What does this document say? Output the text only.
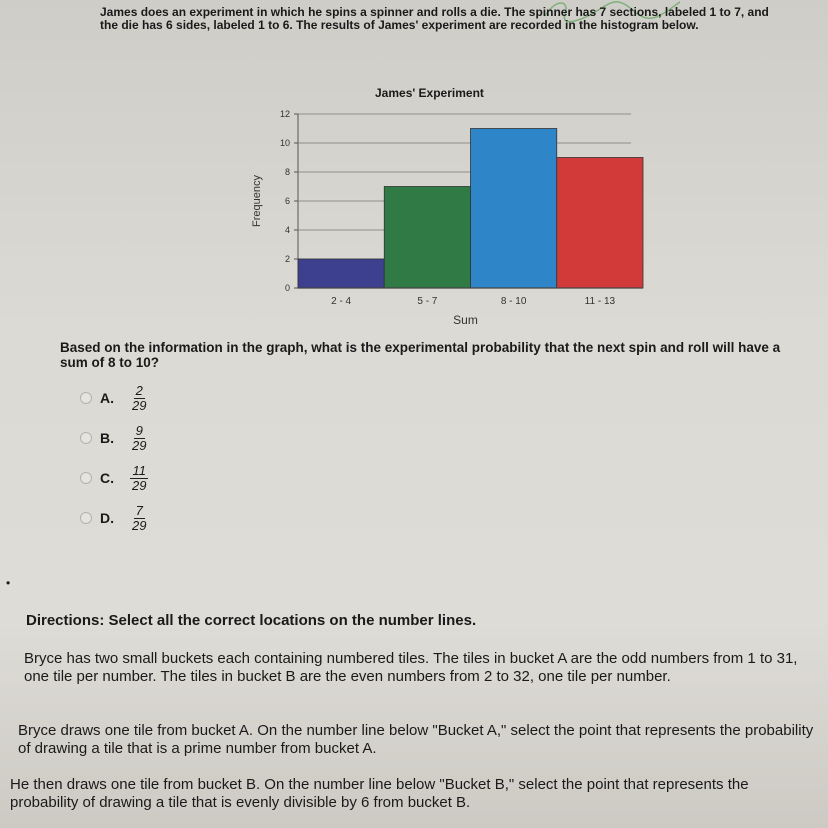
James does an experiment in which he spins a spinner and rolls a die. The spinner has 7 sections, labeled 1 to 7, and the die has 6 sides, labeled 1 to 6. The results of James' experiment are recorded in the histogram below.
James' Experiment
0
2
4
6
8
10
12
2 - 4	5 - 7	8 - 10	11 - 13
Sum
Frequency
Based on the information in the graph, what is the experimental probability that the next spin and roll will have a sum of 8 to 10?
A.	$\frac{2}{29}$
B.	$\frac{9}{29}$
C.	$\frac{11}{29}$
D.	$\frac{7}{29}$
•
Directions: Select all the correct locations on the number lines.
Bryce has two small buckets each containing numbered tiles. The tiles in bucket A are the odd numbers from 1 to 31, one tile per number. The tiles in bucket B are the even numbers from 2 to 32, one tile per number.
Bryce draws one tile from bucket A. On the number line below "Bucket A," select the point that represents the probability of drawing a tile that is a prime number from bucket A.
He then draws one tile from bucket B. On the number line below "Bucket B," select the point that represents the probability of drawing a tile that is evenly divisible by 6 from bucket B.
